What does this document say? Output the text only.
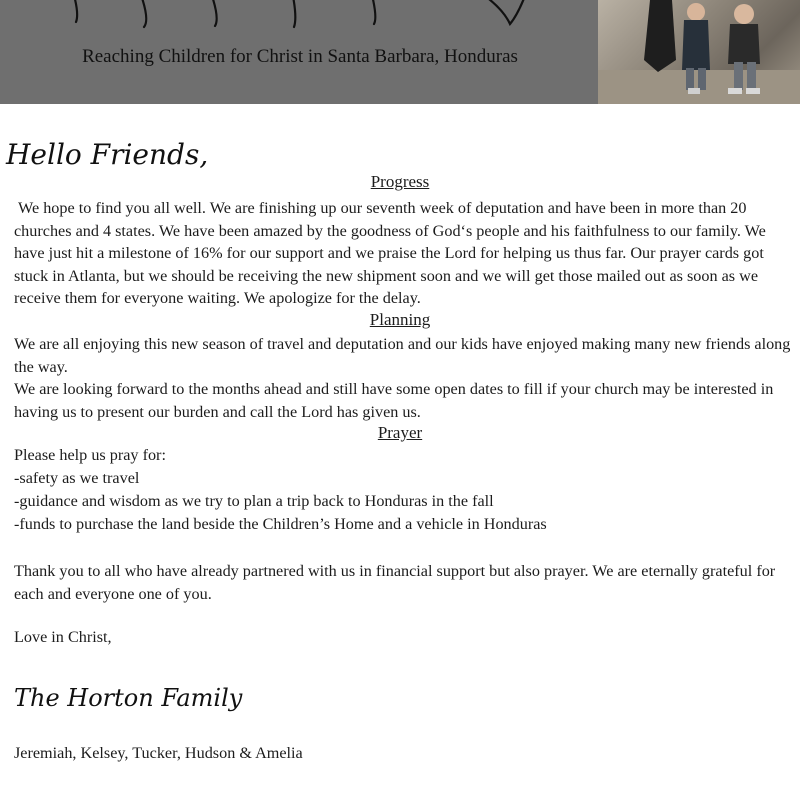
Reaching Children for Christ in Santa Barbara, Honduras
Hello Friends,
Progress

We hope to find you all well. We are finishing up our seventh week of deputation and have been in more than 20 churches and 4 states. We have been amazed by the goodness of God‘s people and his faithfulness to our family. We have just hit a milestone of 16% for our support and we praise the Lord for helping us thus far. Our prayer cards got stuck in Atlanta, but we should be receiving the new shipment soon and we will get those mailed out as soon as we receive them for everyone waiting. We apologize for the delay.

Planning

We are all enjoying this new season of travel and deputation and our kids have enjoyed making many new friends along the way.

We are looking forward to the months ahead and still have some open dates to fill if your church may be interested in having us to present our burden and call the Lord has given us.

Prayer
Please help us pray for:
-safety as we travel
-guidance and wisdom as we try to plan a trip back to Honduras in the fall
-funds to purchase the land beside the Children’s Home and a vehicle in Honduras

Thank you to all who have already partnered with us in financial support but also prayer. We are eternally grateful for each and everyone one of you.

Love in Christ,
The Horton Family
Jeremiah, Kelsey, Tucker, Hudson & Amelia
